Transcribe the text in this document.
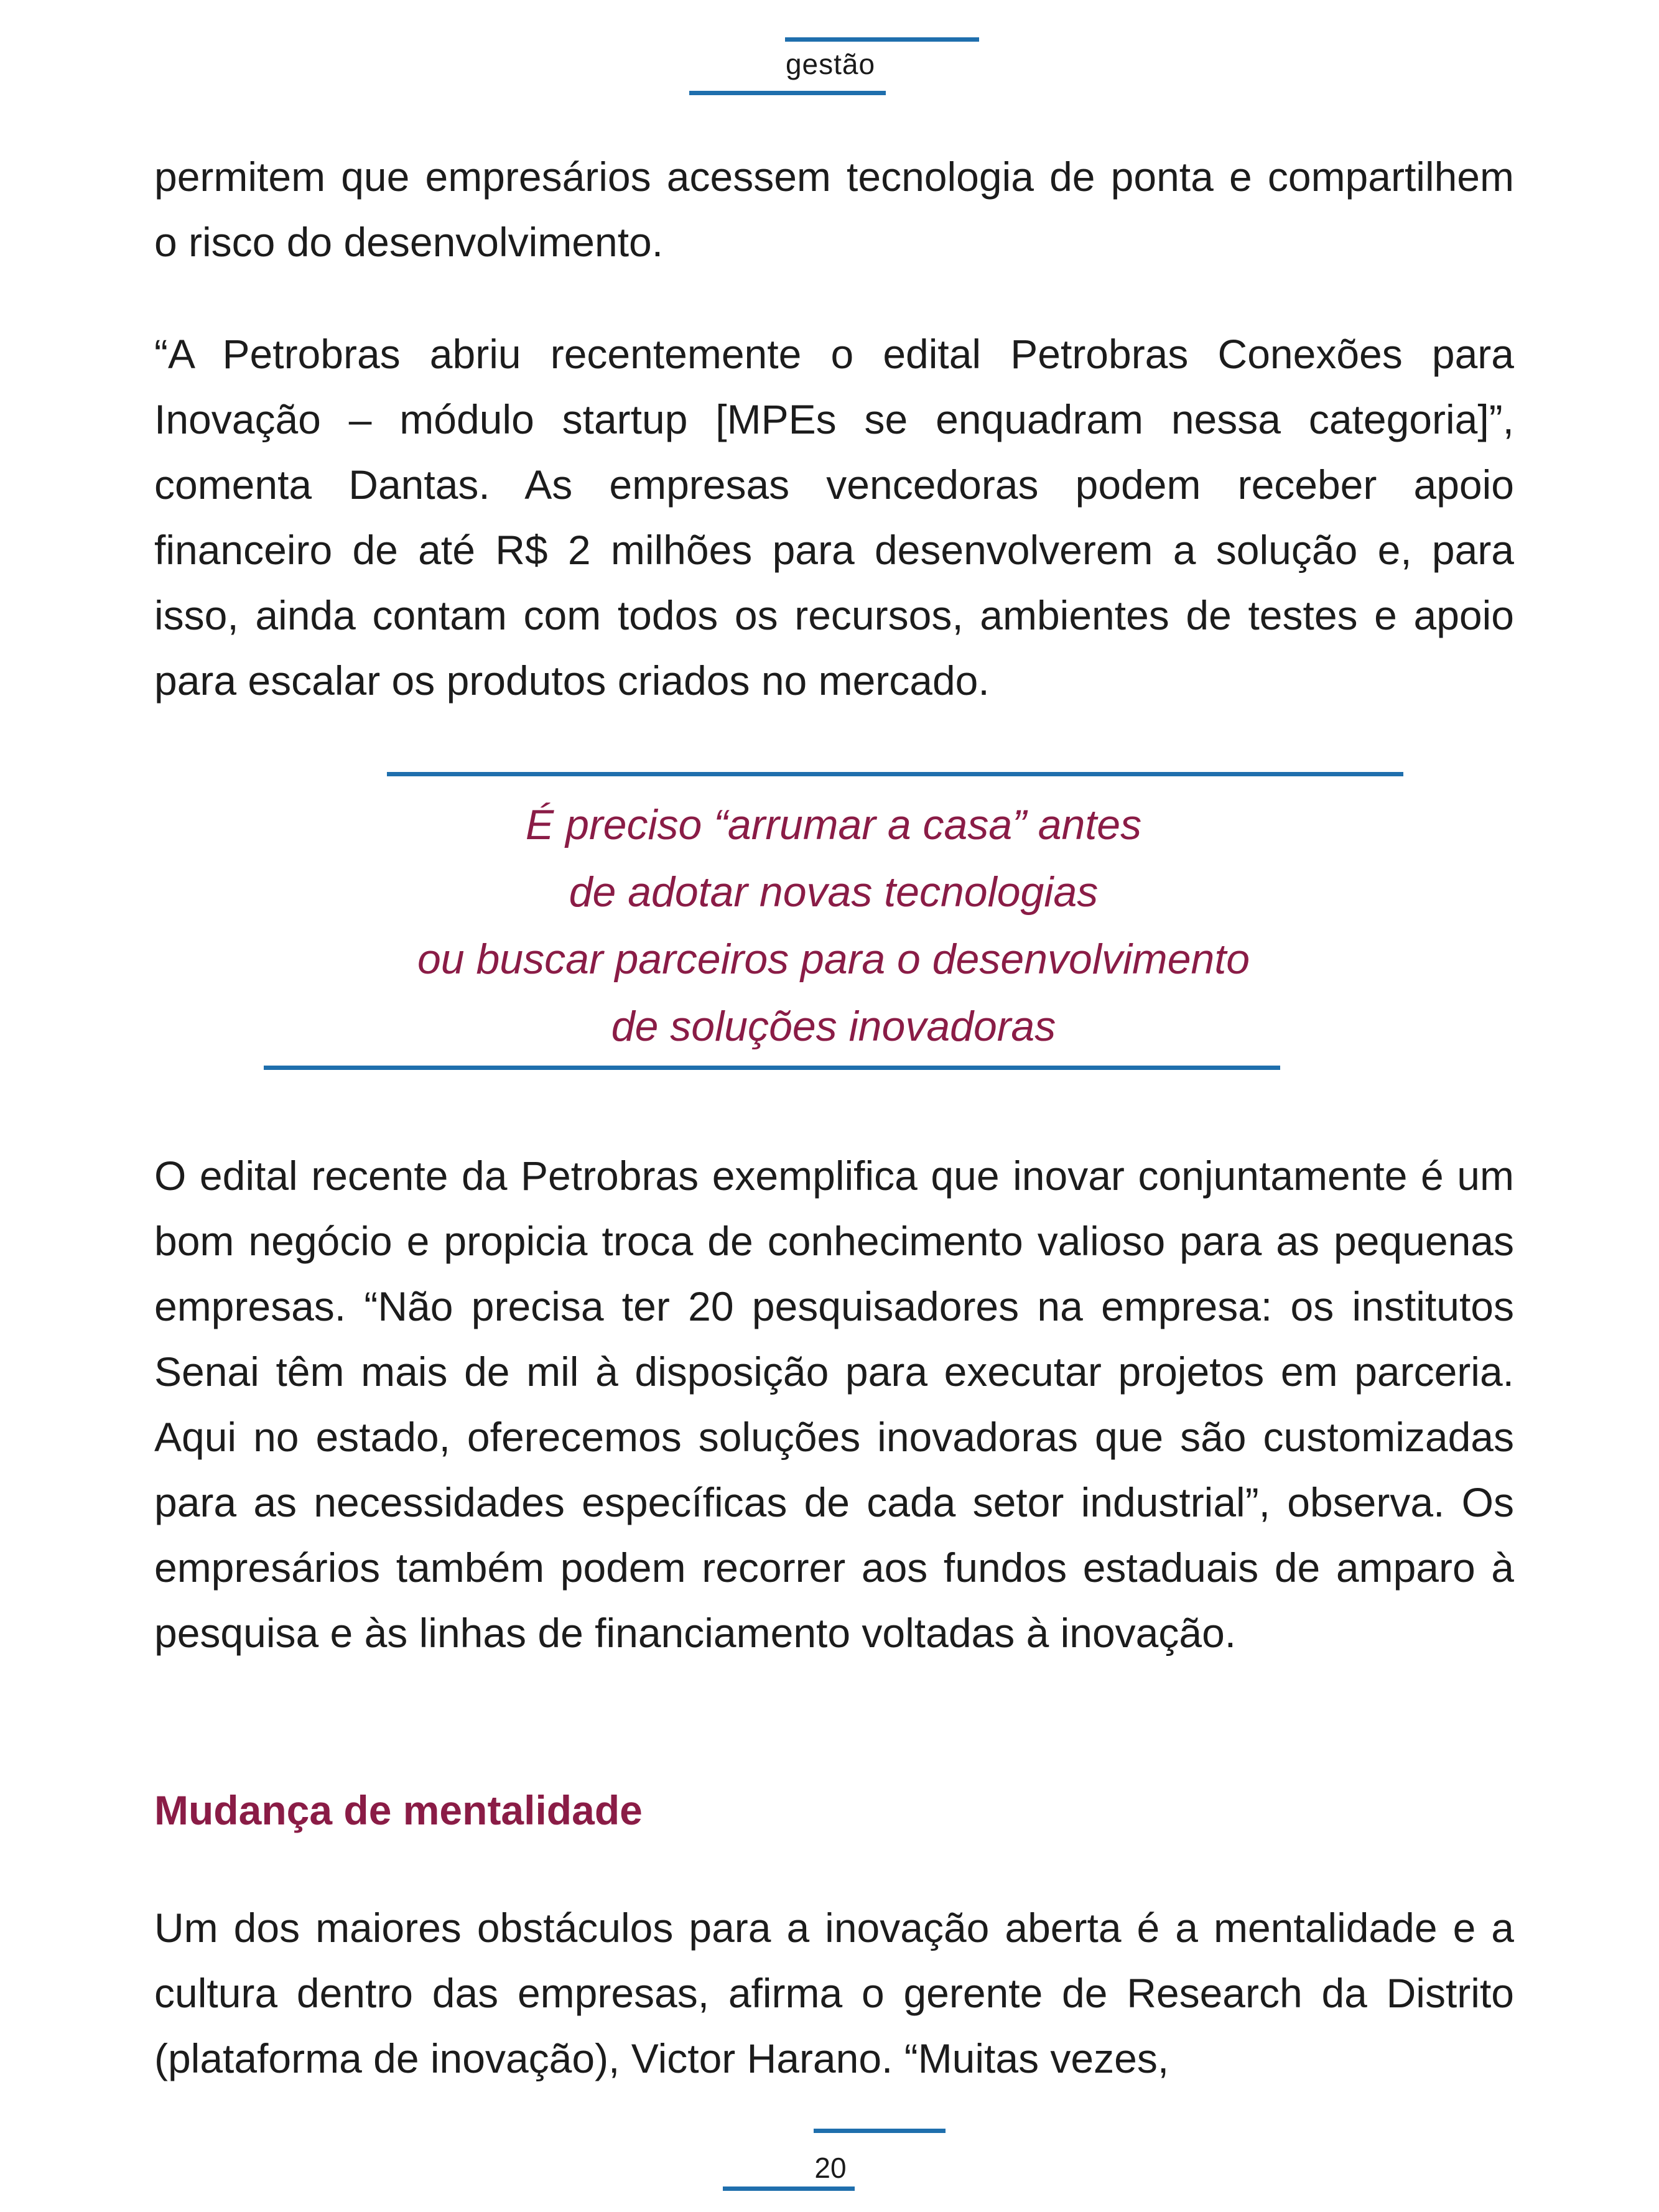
gestão

permitem que empresários acessem tecnologia de ponta e compartilhem o risco do desenvolvimento.

“A Petrobras abriu recentemente o edital Petrobras Conexões para Inovação – módulo startup [MPEs se enquadram nessa categoria]”, comenta Dantas. As empresas vencedoras podem receber apoio financeiro de até R$ 2 milhões para desenvolverem a solução e, para isso, ainda contam com todos os recursos, ambientes de testes e apoio para escalar os produtos criados no mercado.

É preciso “arrumar a casa” antes
de adotar novas tecnologias
ou buscar parceiros para o desenvolvimento
de soluções inovadoras

O edital recente da Petrobras exemplifica que inovar conjuntamente é um bom negócio e propicia troca de conhecimento valioso para as pequenas empresas. “Não precisa ter 20 pesquisadores na empresa: os institutos Senai têm mais de mil à disposição para executar projetos em parceria. Aqui no estado, oferecemos soluções inovadoras que são customizadas para as necessidades específicas de cada setor industrial”, observa. Os empresários também podem recorrer aos fundos estaduais de amparo à pesquisa e às linhas de financiamento voltadas à inovação.

Mudança de mentalidade

Um dos maiores obstáculos para a inovação aberta é a mentalidade e a cultura dentro das empresas, afirma o gerente de Research da Distrito (plataforma de inovação), Victor Harano. “Muitas vezes,

20
